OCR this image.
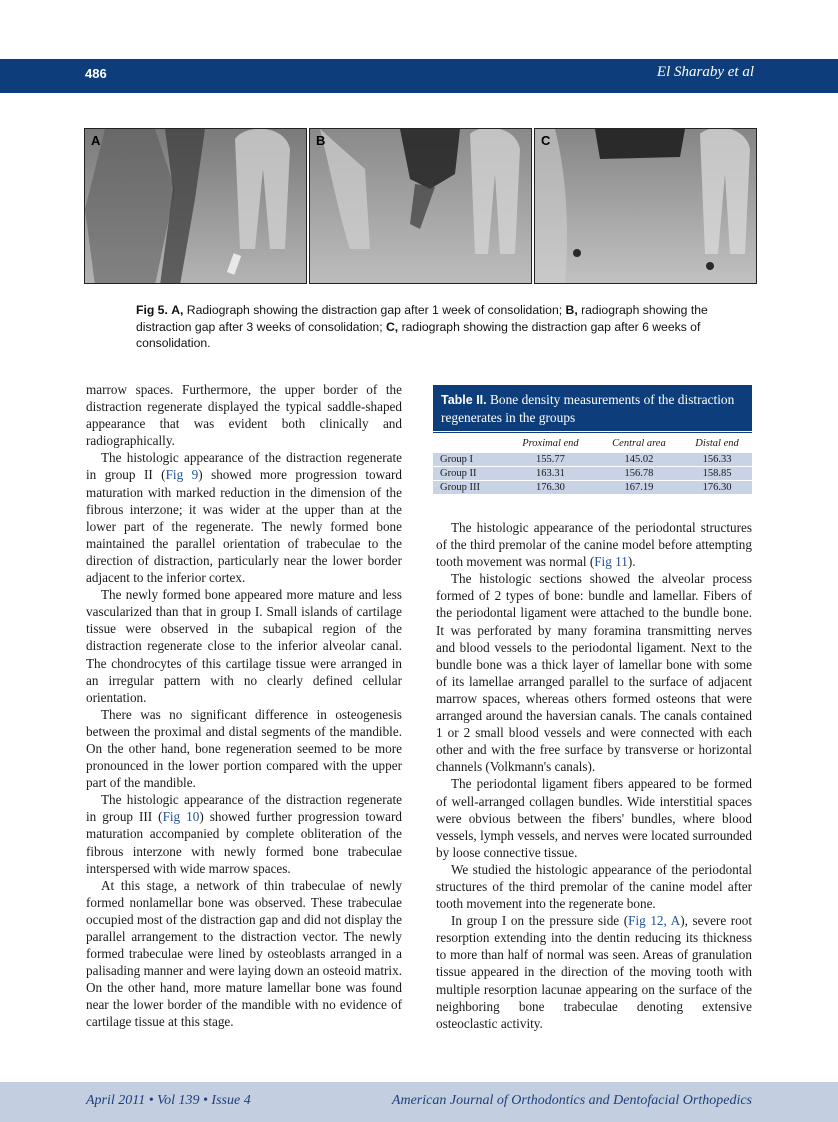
486	El Sharaby et al
A	B	C
Fig 5. A, Radiograph showing the distraction gap after 1 week of consolidation; B, radiograph showing the distraction gap after 3 weeks of consolidation; C, radiograph showing the distraction gap after 6 weeks of consolidation.

marrow spaces. Furthermore, the upper border of the distraction regenerate displayed the typical saddle-shaped appearance that was evident both clinically and radiographically.

The histologic appearance of the distraction regenerate in group II (Fig 9) showed more progression toward maturation with marked reduction in the dimension of the fibrous interzone; it was wider at the upper than at the lower part of the regenerate. The newly formed bone maintained the parallel orientation of trabeculae to the direction of distraction, particularly near the lower border adjacent to the inferior cortex.

The newly formed bone appeared more mature and less vascularized than that in group I. Small islands of cartilage tissue were observed in the subapical region of the distraction regenerate close to the inferior alveolar canal. The chondrocytes of this cartilage tissue were arranged in an irregular pattern with no clearly defined cellular orientation.

There was no significant difference in osteogenesis between the proximal and distal segments of the mandible. On the other hand, bone regeneration seemed to be more pronounced in the lower portion compared with the upper part of the mandible.

The histologic appearance of the distraction regenerate in group III (Fig 10) showed further progression toward maturation accompanied by complete obliteration of the fibrous interzone with newly formed bone trabeculae interspersed with wide marrow spaces.

At this stage, a network of thin trabeculae of newly formed nonlamellar bone was observed. These trabeculae occupied most of the distraction gap and did not display the parallel arrangement to the distraction vector. The newly formed trabeculae were lined by osteoblasts arranged in a palisading manner and were laying down an osteoid matrix. On the other hand, more mature lamellar bone was found near the lower border of the mandible with no evidence of cartilage tissue at this stage.

Table II. Bone density measurements of the distraction regenerates in the groups
	Proximal end	Central area	Distal end
Group I	155.77	145.02	156.33
Group II	163.31	156.78	158.85
Group III	176.30	167.19	176.30

The histologic appearance of the periodontal structures of the third premolar of the canine model before attempting tooth movement was normal (Fig 11).

The histologic sections showed the alveolar process formed of 2 types of bone: bundle and lamellar. Fibers of the periodontal ligament were attached to the bundle bone. It was perforated by many foramina transmitting nerves and blood vessels to the periodontal ligament. Next to the bundle bone was a thick layer of lamellar bone with some of its lamellae arranged parallel to the surface of adjacent marrow spaces, whereas others formed osteons that were arranged around the haversian canals. The canals contained 1 or 2 small blood vessels and were connected with each other and with the free surface by transverse or horizontal channels (Volkmann's canals).

The periodontal ligament fibers appeared to be formed of well-arranged collagen bundles. Wide interstitial spaces were obvious between the fibers' bundles, where blood vessels, lymph vessels, and nerves were located surrounded by loose connective tissue.

We studied the histologic appearance of the periodontal structures of the third premolar of the canine model after tooth movement into the regenerate bone.

In group I on the pressure side (Fig 12, A), severe root resorption extending into the dentin reducing its thickness to more than half of normal was seen. Areas of granulation tissue appeared in the direction of the moving tooth with multiple resorption lacunae appearing on the surface of the neighboring bone trabeculae denoting extensive osteoclastic activity.

April 2011 • Vol 139 • Issue 4	American Journal of Orthodontics and Dentofacial Orthopedics
